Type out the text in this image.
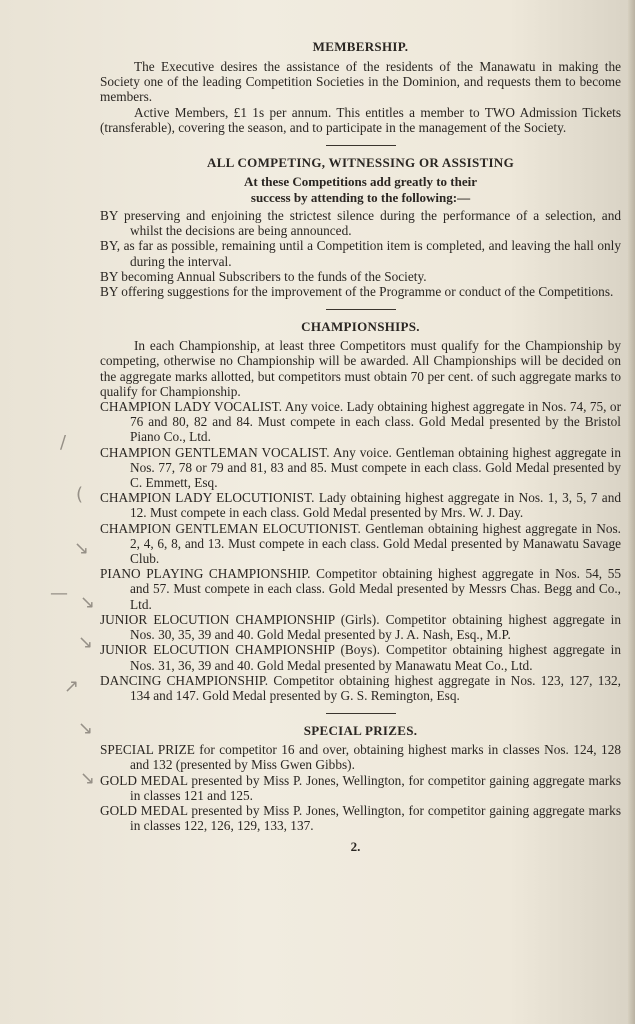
MEMBERSHIP.

The Executive desires the assistance of the residents of the Manawatu in making the Society one of the leading Competition Societies in the Dominion, and requests them to become members.

Active Members, £1 1s per annum. This entitles a member to TWO Admission Tickets (transferable), covering the season, and to participate in the management of the Society.

ALL COMPETING, WITNESSING OR ASSISTING
At these Competitions add greatly to their
success by attending to the following:—
BY preserving and enjoining the strictest silence during the performance of a selection, and whilst the decisions are being announced.
BY, as far as possible, remaining until a Competition item is completed, and leaving the hall only during the interval.
BY becoming Annual Subscribers to the funds of the Society.
BY offering suggestions for the improvement of the Programme or conduct of the Competitions.
CHAMPIONSHIPS.

In each Championship, at least three Competitors must qualify for the Championship by competing, otherwise no Championship will be awarded. All Championships will be decided on the aggregate marks allotted, but competitors must obtain 70 per cent. of such aggregate marks to qualify for Championship.

CHAMPION LADY VOCALIST. Any voice. Lady obtaining highest aggregate in Nos. 74, 75, or 76 and 80, 82 and 84. Must compete in each class. Gold Medal presented by the Bristol Piano Co., Ltd.
CHAMPION GENTLEMAN VOCALIST. Any voice. Gentleman obtaining highest aggregate in Nos. 77, 78 or 79 and 81, 83 and 85. Must compete in each class. Gold Medal presented by C. Emmett, Esq.
CHAMPION LADY ELOCUTIONIST. Lady obtaining highest aggregate in Nos. 1, 3, 5, 7 and 12. Must compete in each class. Gold Medal presented by Mrs. W. J. Day.
CHAMPION GENTLEMAN ELOCUTIONIST. Gentleman obtaining highest aggregate in Nos. 2, 4, 6, 8, and 13. Must compete in each class. Gold Medal presented by Manawatu Savage Club.
PIANO PLAYING CHAMPIONSHIP. Competitor obtaining highest aggregate in Nos. 54, 55 and 57. Must compete in each class. Gold Medal presented by Messrs Chas. Begg and Co., Ltd.
JUNIOR ELOCUTION CHAMPIONSHIP (Girls). Competitor obtaining highest aggregate in Nos. 30, 35, 39 and 40. Gold Medal presented by J. A. Nash, Esq., M.P.
JUNIOR ELOCUTION CHAMPIONSHIP (Boys). Competitor obtaining highest aggregate in Nos. 31, 36, 39 and 40. Gold Medal presented by Manawatu Meat Co., Ltd.
DANCING CHAMPIONSHIP. Competitor obtaining highest aggregate in Nos. 123, 127, 132, 134 and 147. Gold Medal presented by G. S. Remington, Esq.
SPECIAL PRIZES.
SPECIAL PRIZE for competitor 16 and over, obtaining highest marks in classes Nos. 124, 128 and 132 (presented by Miss Gwen Gibbs).
GOLD MEDAL presented by Miss P. Jones, Wellington, for competitor gaining aggregate marks in classes 121 and 125.
GOLD MEDAL presented by Miss P. Jones, Wellington, for competitor gaining aggregate marks in classes 122, 126, 129, 133, 137.
2.
/
(
↘
— ↘
↘
↗
↘
↘
